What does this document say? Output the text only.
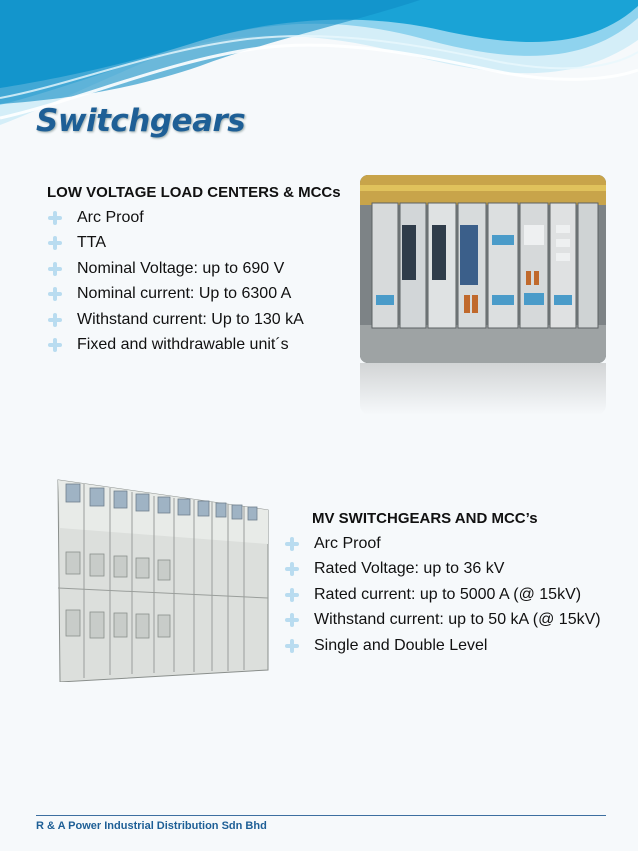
Switchgears
LOW VOLTAGE LOAD CENTERS & MCCs
Arc Proof
TTA
Nominal Voltage: up to 690 V
Nominal current: Up to 6300 A
Withstand current: Up to 130 kA
Fixed and withdrawable unit´s
MV SWITCHGEARS AND MCC’s
Arc Proof
Rated Voltage: up to 36 kV
Rated current: up to 5000 A (@ 15kV)
Withstand current: up to 50 kA (@ 15kV)
Single and Double Level
R & A Power Industrial Distribution Sdn Bhd
